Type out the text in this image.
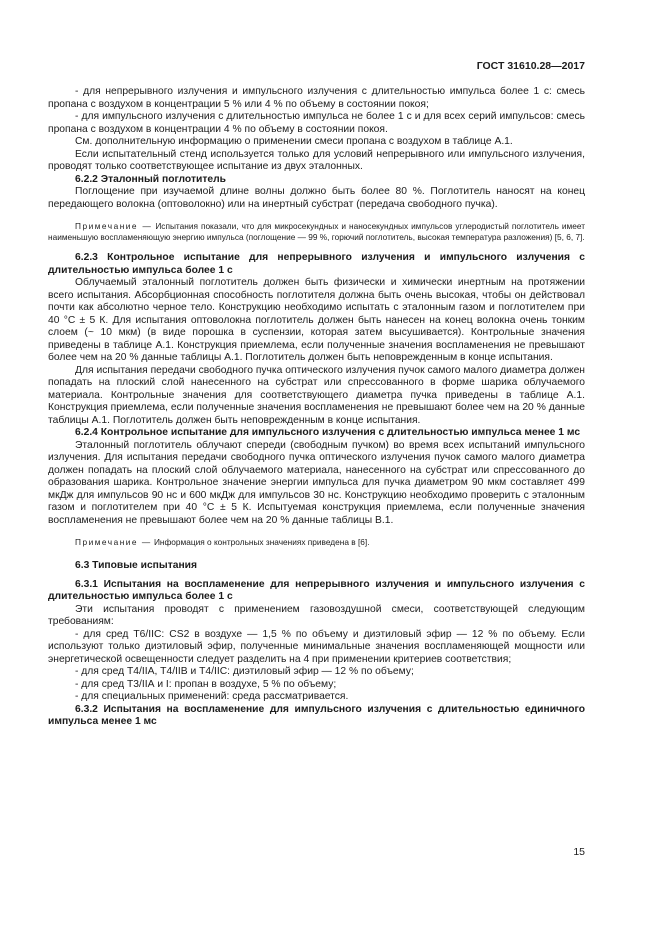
ГОСТ 31610.28—2017

- для непрерывного излучения и импульсного излучения с длительностью импульса более 1 с: смесь пропана с воздухом в концентрации 5 % или 4 % по объему в состоянии покоя;

- для импульсного излучения с длительностью импульса не более 1 с и для всех серий импульсов: смесь пропана с воздухом в концентрации 4 % по объему в состоянии покоя.

См. дополнительную информацию о применении смеси пропана с воздухом в таблице А.1.

Если испытательный стенд используется только для условий непрерывного или импульсного излучения, проводят только соответствующее испытание из двух эталонных.

6.2.2 Эталонный поглотитель

Поглощение при изучаемой длине волны должно быть более 80 %. Поглотитель наносят на конец передающего волокна (оптоволокно) или на инертный субстрат (передача свободного пучка).

Примечание — Испытания показали, что для микросекундных и наносекундных импульсов углеродистый поглотитель имеет наименьшую воспламеняющую энергию импульса (поглощение — 99 %, горючий поглотитель, высокая температура разложения) [5, 6, 7].

6.2.3 Контрольное испытание для непрерывного излучения и импульсного излучения с длительностью импульса более 1 с

Облучаемый эталонный поглотитель должен быть физически и химически инертным на протяжении всего испытания. Абсорбционная способность поглотителя должна быть очень высокая, чтобы он действовал почти как абсолютно черное тело. Конструкцию необходимо испытать с эталонным газом и поглотителем при 40 °С ± 5 К. Для испытания оптоволокна поглотитель должен быть нанесен на конец волокна очень тонким слоем (~ 10 мкм) (в виде порошка в суспензии, которая затем высушивается). Контрольные значения приведены в таблице А.1. Конструкция приемлема, если полученные значения воспламенения не превышают более чем на 20 % данные таблицы А.1. Поглотитель должен быть неповрежденным в конце испытания.

Для испытания передачи свободного пучка оптического излучения пучок самого малого диаметра должен попадать на плоский слой нанесенного на субстрат или спрессованного в форме шарика облучаемого материала. Контрольные значения для соответствующего диаметра пучка приведены в таблице А.1. Конструкция приемлема, если полученные значения воспламенения не превышают более чем на 20 % данные таблицы А.1. Поглотитель должен быть неповрежденным в конце испытания.

6.2.4 Контрольное испытание для импульсного излучения с длительностью импульса менее 1 мс

Эталонный поглотитель облучают спереди (свободным пучком) во время всех испытаний импульсного излучения. Для испытания передачи свободного пучка оптического излучения пучок самого малого диаметра должен попадать на плоский слой облучаемого материала, нанесенного на субстрат или спрессованного до образования шарика. Контрольное значение энергии импульса для пучка диаметром 90 мкм составляет 499 мкДж для импульсов 90 нс и 600 мкДж для импульсов 30 нс. Конструкцию необходимо проверить с эталонным газом и поглотителем при 40 °С ± 5 К. Испытуемая конструкция приемлема, если полученные значения воспламенения не превышают более чем на 20 % данные таблицы В.1.

Примечание — Информация о контрольных значениях приведена в [6].

6.3 Типовые испытания

6.3.1 Испытания на воспламенение для непрерывного излучения и импульсного излучения с длительностью импульса более 1 с

Эти испытания проводят с применением газовоздушной смеси, соответствующей следующим требованиям:

- для сред Т6/IIС: CS2 в воздухе — 1,5 % по объему и диэтиловый эфир — 12 % по объему. Если используют только диэтиловый эфир, полученные минимальные значения воспламеняющей мощности или энергетической освещенности следует разделить на 4 при применении критериев соответствия;

- для сред Т4/IIА, Т4/IIВ и Т4/IIС: диэтиловый эфир — 12 % по объему;

- для сред Т3/IIА и I: пропан в воздухе, 5 % по объему;

- для специальных применений: среда рассматривается.

6.3.2 Испытания на воспламенение для импульсного излучения с длительностью единичного импульса менее 1 мс

15
